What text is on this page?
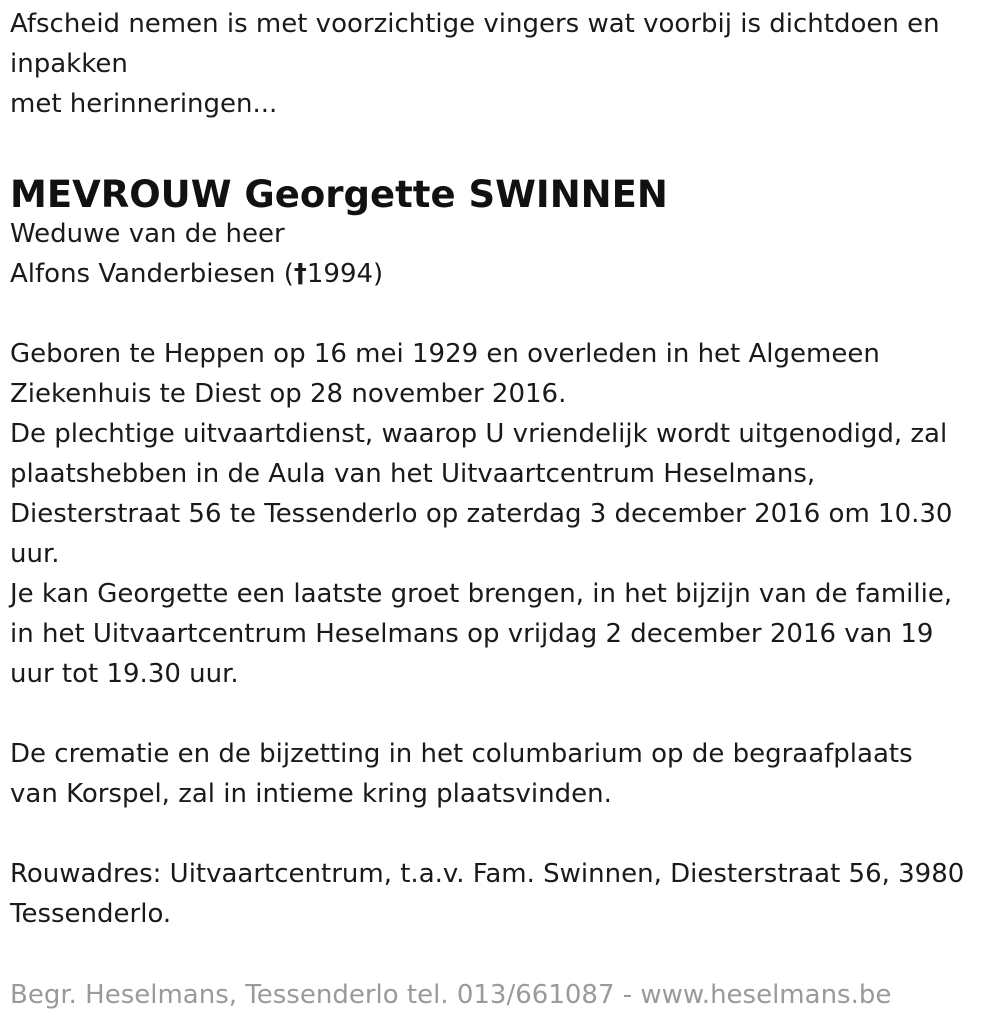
Afscheid nemen is met voorzichtige vingers wat voorbij is dichtdoen en
inpakken
met herinneringen...
MEVROUW Georgette SWINNEN
Weduwe van de heer
Alfons Vanderbiesen (†1994)
Geboren te Heppen op 16 mei 1929 en overleden in het Algemeen
Ziekenhuis te Diest op 28 november 2016.
De plechtige uitvaartdienst, waarop U vriendelijk wordt uitgenodigd, zal
plaatshebben in de Aula van het Uitvaartcentrum Heselmans,
Diesterstraat 56 te Tessenderlo op zaterdag 3 december 2016 om 10.30
uur.
Je kan Georgette een laatste groet brengen, in het bijzijn van de familie,
in het Uitvaartcentrum Heselmans op vrijdag 2 december 2016 van 19
uur tot 19.30 uur.
De crematie en de bijzetting in het columbarium op de begraafplaats
van Korspel, zal in intieme kring plaatsvinden.
Rouwadres: Uitvaartcentrum, t.a.v. Fam. Swinnen, Diesterstraat 56, 3980
Tessenderlo.
Begr. Heselmans, Tessenderlo tel. 013/661087 - www.heselmans.be
